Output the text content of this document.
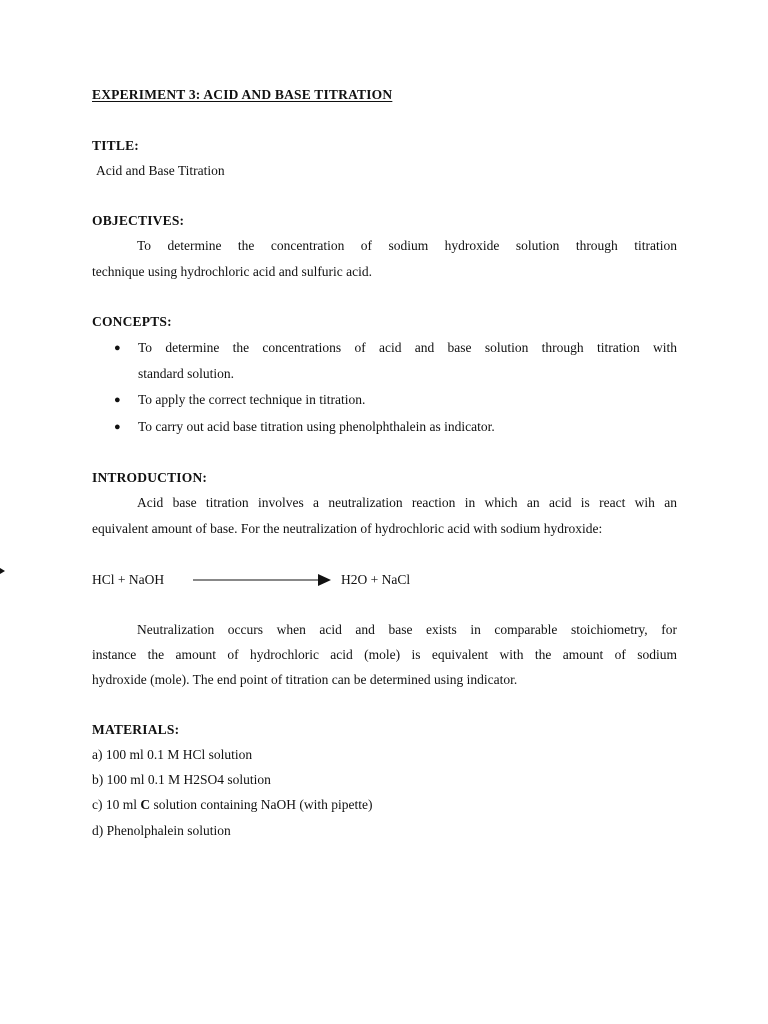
EXPERIMENT 3: ACID AND BASE TITRATION
TITLE:
Acid and Base Titration
OBJECTIVES:
To determine the concentration of sodium hydroxide solution through titration
technique using hydrochloric acid and sulfuric acid.
CONCEPTS:
● To determine the concentrations of acid and base solution through titration with
standard solution.
● To apply the correct technique in titration.
● To carry out acid base titration using phenolphthalein as indicator.
INTRODUCTION:
Acid base titration involves a neutralization reaction in which an acid is react wih an
equivalent amount of base. For the neutralization of hydrochloric acid with sodium hydroxide:
HCl + NaOH	H2O + NaCl
Neutralization occurs when acid and base exists in comparable stoichiometry, for
instance the amount of hydrochloric acid (mole) is equivalent with the amount of sodium
hydroxide (mole). The end point of titration can be determined using indicator.
MATERIALS:
a) 100 ml 0.1 M HCl solution
b) 100 ml 0.1 M H2SO4 solution
c) 10 ml C solution containing NaOH (with pipette)
d) Phenolphalein solution
